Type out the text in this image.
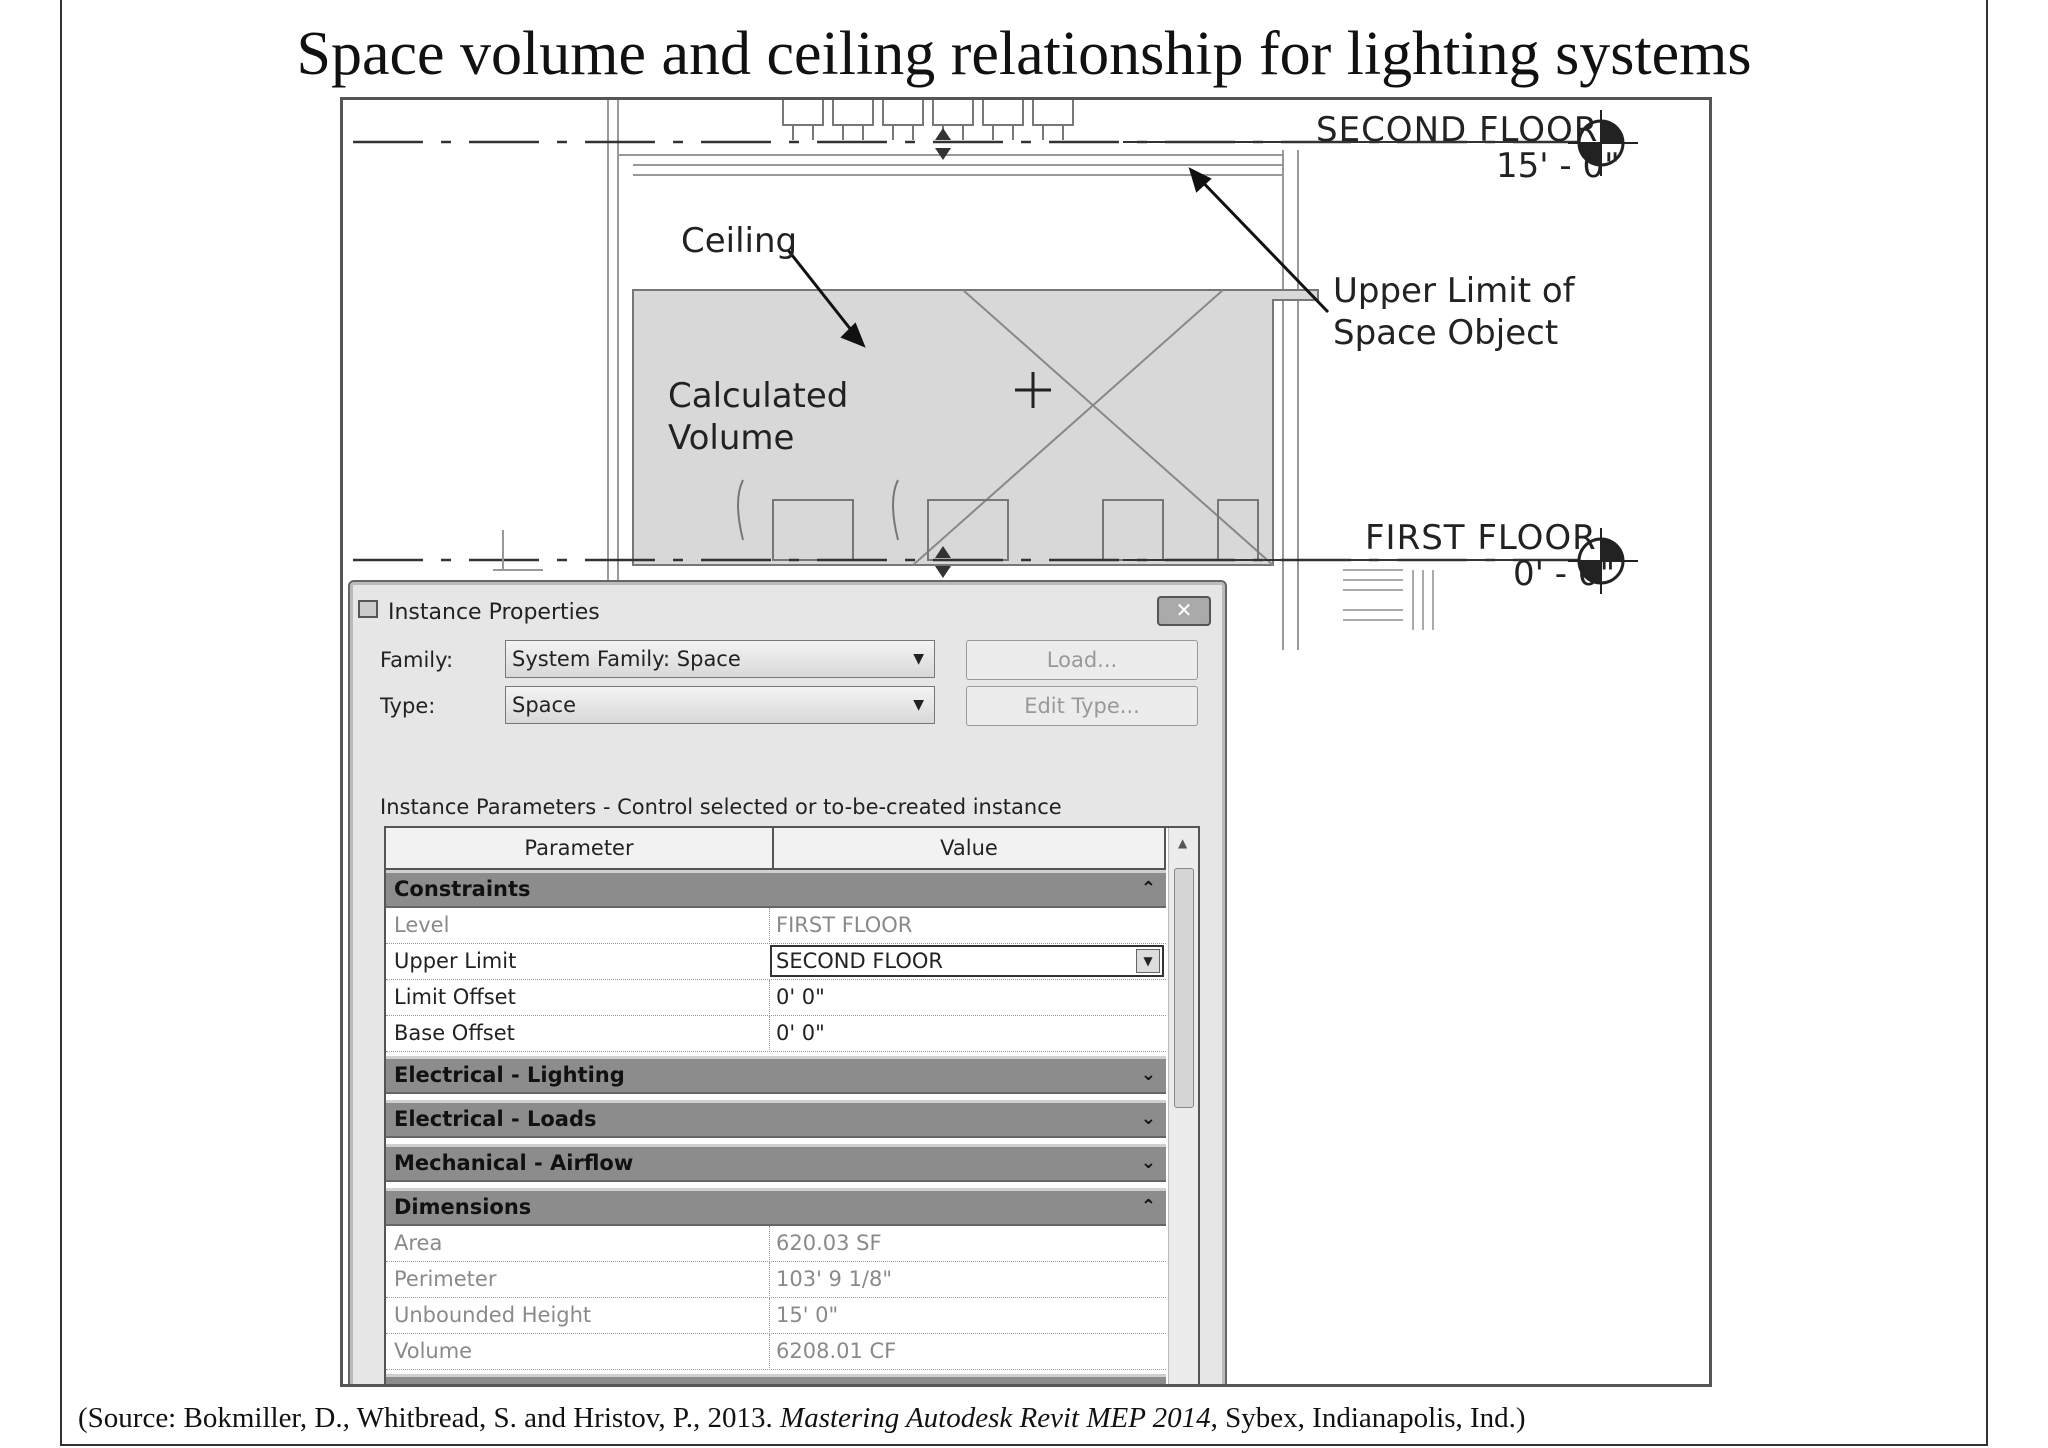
Space volume and ceiling relationship for lighting systems
SECOND FLOOR
15' - 0"
FIRST FLOOR
0' - 0"
Ceiling
Calculated
Volume
Upper Limit of
Space Object
Instance Properties	✕
Family:	System Family: Space	▼	Load...
Type:	Space	▼	Edit Type...
Instance Parameters - Control selected or to-be-created instance
Parameter	Value
Constraints	⌃
Level	FIRST FLOOR
Upper Limit	SECOND FLOOR	▼
Limit Offset	0' 0"
Base Offset	0' 0"
Electrical - Lighting	⌄
Electrical - Loads	⌄
Mechanical - Airflow	⌄
Dimensions	⌃
Area	620.03 SF
Perimeter	103' 9 1/8"
Unbounded Height	15' 0"
Volume	6208.01 CF
▲
(Source: Bokmiller, D., Whitbread, S. and Hristov, P., 2013. Mastering Autodesk Revit MEP 2014, Sybex, Indianapolis, Ind.)
